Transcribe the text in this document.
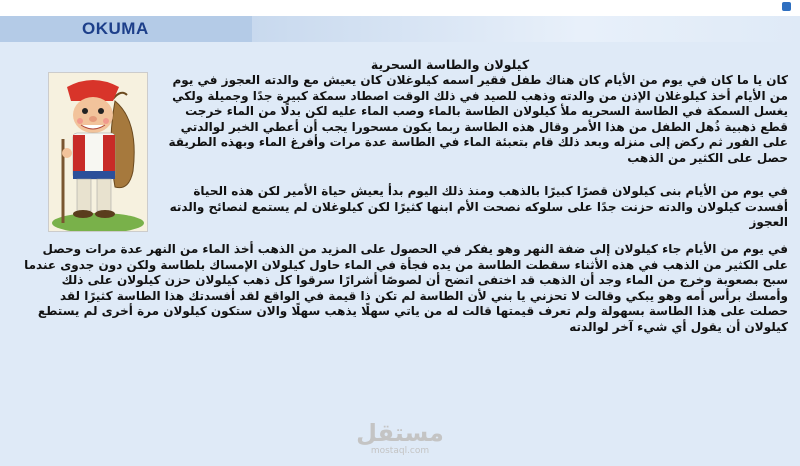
OKUMA

كيلولان والطاسة السحرية

كان يا ما كان في يوم من الأيام كان هناك طفل فقير اسمه كيلوغلان كان يعيش مع والدته العجوز في يوم من الأيام أخذ كيلوغلان الإذن من والدته وذهب للصيد في ذلك الوقت اصطاد سمكة كبيرة جدًا وجميلة ولكي يغسل السمكة في الطاسة السحريه ملأ كيلولان الطاسة بالماء وصب الماء عليه لكن بدلًا من الماء خرجت قطع ذهبية ذُهل الطفل من هذا الأمر وقال هذه الطاسة ربما يكون مسحورا يجب أن أعطي الخبر لوالدتي على الفور ثم ركض إلى منزله وبعد ذلك قام بتعبئة الماء في الطاسة عدة مرات وأفرغ الماء وبهذه الطريقة حصل على الكثير من الذهب

في يوم من الأيام بنى كيلولان قصرًا كبيرًا بالذهب ومنذ ذلك اليوم بدأ يعيش حياة الأمير لكن هذه الحياة أفسدت كيلولان والدته حزنت جدًا على سلوكه نصحت الأم ابنها كثيرًا لكن كيلوغلان لم يستمع لنصائح والدته العجوز

في يوم من الأيام جاء كيلولان إلى ضفة النهر وهو يفكر في الحصول على المزيد من الذهب أخذ الماء من النهر عدة مرات وحصل على الكثير من الذهب في هذه الأثناء سقطت الطاسة من يده فجأة في الماء حاول كيلولان الإمساك بلطاسة ولكن دون جدوى عندما سبح بصعوبة وخرج من الماء وجد أن الذهب قد اختفى اتضح أن لصوصًا أشرارًا سرقوا كل ذهب كيلولان حزن كيلولان على ذلك وأمسك برأس أمه وهو يبكي وقالت لا تحزني يا بني لأن الطاسة لم تكن ذا قيمة في الواقع لقد أفسدتك هذا الطاسة كثيرًا لقد حصلت على هذا الطاسة بسهولة ولم تعرف قيمتها قالت له من ياتي سهلًا يذهب سهلًا والان ستكون كيلولان مرة أخرى لم يستطع كيلولان أن يقول أي شيء آخر لوالدته

مستقل
mostaql.com
